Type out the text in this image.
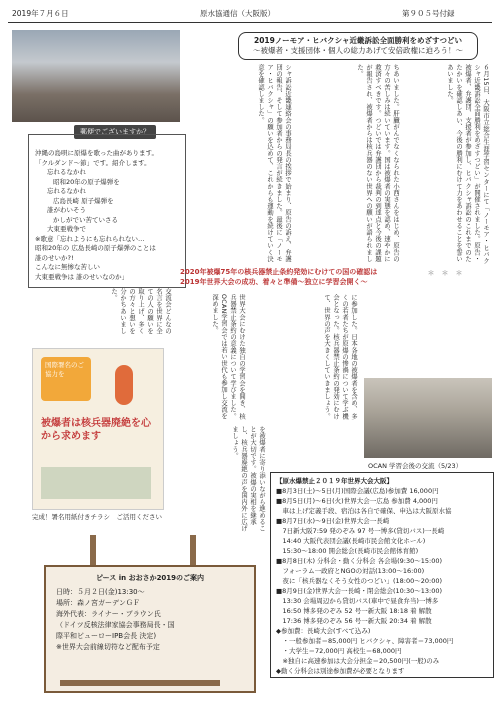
2019年７月６日	原水協通信（大阪版）	第９０５号付録
2019ノーモア・ヒバクシャ近畿訴訟全面勝利をめざすつどい
～被爆者・支援団体・個人の総力あげて安倍政権に迫ろう！～
６月15日、大阪市立総合生涯学習センターにて「ノーモア・ヒバクシャ近畿訴訟全面勝利をめざすつどい」が開催されました。原告・被爆者、弁護団、支援者が参加し、ヒバクシャ訴訟のこれまでのたたかいを確認しあい、今後の勝利にむけて力をあわせることを誓いあいました。
ちあいました。肝臓がんでなくなられた小西さんをはじめ、原告の方々の苦しみは続いています。国は被爆者の実態を認め、速やかに救済すべきです。つどいでは弁護団から裁判の到達点と今後の課題が報告され、被爆者からは核兵器のない世界への願いが語られました。
シャ訴訟近畿連絡会の事務局長の挨拶で始まり、原告の訴え、弁護団の報告、そして参加者からの発言が続きました。最後に「ノーモア・ヒバクシャ」の願いを込めて、これからも運動を続けていく決意を確認しました。
郵便でございますか？
沖縄の島唄に原爆を歌った曲があります。
「クルダンド～節」です。紹介します。
忘れるなかれ
昭和20年の原子爆弾を
忘れるなかれ
広島長崎 原子爆弾を
誰がわいそう
かしがでい苦ていさる
大東亜戦争で
※歌意「忘れようにも忘れられない…
昭和20年の 広島長崎の原子爆弾のことは
誰のせいか?!
こんなに無惨な苦しい
大東亜戦争は 誰のせいなのか」
2020年被爆75年の核兵器禁止条約発効にむけての国の確認は2019年世界大会の成功、着々と準備～独立に学習会開く～
＊　＊　＊
交流会どんなの名言を世界に全ての人の願いを取り上げ、多くの方々と想いを分かちあいました。	に参加した。日本各地の被爆者を含め、多くの若者たちが原爆の惨禍について学ぶ機会となった。核兵器禁止条約の発効にむけて、世界の声を大きくしていきましょう。
世界大会にむけた独自の学習会を開き、核兵器禁止条約の意義について学びました。OCAN学習会では若い世代も参加し交流を深めました。
OCAN 学習会後の交流（5/23）
国際署名のご協力を
被爆者は核兵器廃絶を心から求めます
完成！署名用紙付きチラシ　ご活用ください	を被爆者に寄り添いながら進めることが大切です。被爆の実相を継承し、核兵器廃絶の声を国内外に広げましょう。
【原水爆禁止２０１９年世界大会大阪】
■8月3日(土)～5日(月)国際会議(広島)参加費 16,000円
■8月5日(月)～6日(火)世界大会一広島 参加費 4,000円
　車は上げ定義手段、宿泊は各自で確保、申込は大阪原水協
■8月7日(水)～9日(金)世界大会一長崎
　7日新大阪7:59 発のぞみ 97 号一博多(貸切バス)一長崎
　14:40 大阪代表団会議(長崎市民会館文化ホール)
　15:30～18:00 開会総会(長崎市民会館体育館)
■8月8日(木) 分科会・動く分科会 各会場(9:30～15:00)
　フォーラム一政府とNGOの対話(13:00～16:00)
　夜に「核兵器なくそう女性のつどい」(18:00～20:00)
■8月9日(金)世界大会一長崎・閉会総会(10:30～13:00)
　13:30 会場周辺から貸切バス(車中で昼食弁当)一博多
　16:50 博多発のぞみ 52 号一新大阪 18:18 着 解散
　17:36 博多発のぞみ 56 号一新大阪 20:34 着 解散
◆参加費：長崎大会(すべて込み)
　・一般参加者＝85,000円 ヒバクシャ、障害者＝73,000円
　・大学生＝72,000円 高校生＝68,000円
　※独自に高速参加は大会分担金＝20,500円(一般)のみ
◆動く分科会は別途参加費が必要となります
ピース in おおさか2019のご案内
日時：５月２日(金)13:30～
場所：森ノ宮ガーデンＧＦ
海外代表：ライナー・ブラウン氏
（ドイツ反核法律家協会事務局長・国
際平和ビューローIPB会長 決定)
※世界大会前線切符など配布予定
